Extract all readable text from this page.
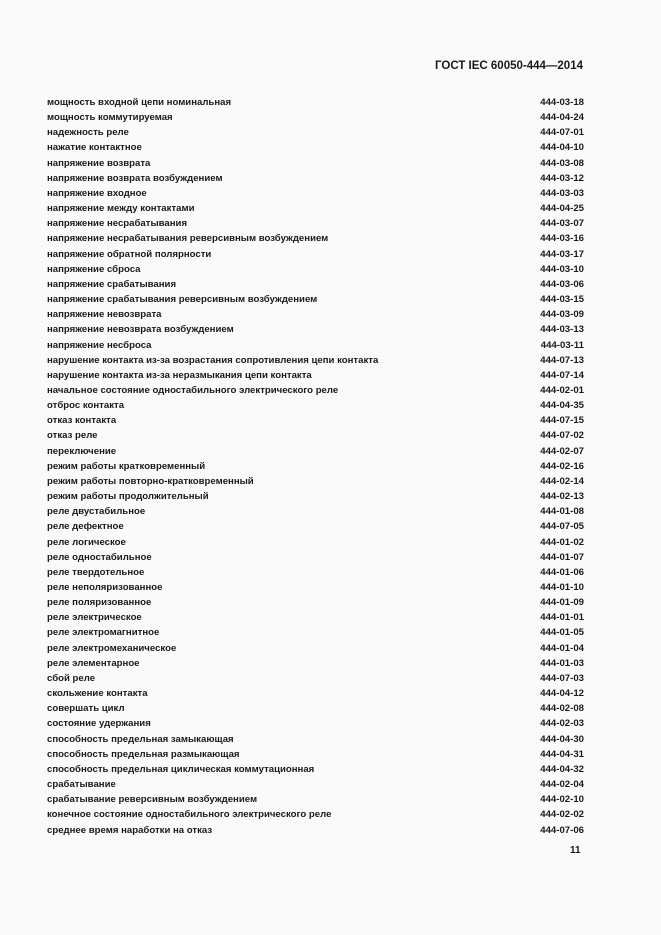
ГОСТ IEC 60050-444—2014
мощность входной цепи номинальная	444-03-18
мощность коммутируемая	444-04-24
надежность реле	444-07-01
нажатие контактное	444-04-10
напряжение возврата	444-03-08
напряжение возврата возбуждением	444-03-12
напряжение входное	444-03-03
напряжение между контактами	444-04-25
напряжение несрабатывания	444-03-07
напряжение несрабатывания реверсивным возбуждением	444-03-16
напряжение обратной полярности	444-03-17
напряжение сброса	444-03-10
напряжение срабатывания	444-03-06
напряжение срабатывания реверсивным возбуждением	444-03-15
напряжение невозврата	444-03-09
напряжение невозврата возбуждением	444-03-13
напряжение несброса	444-03-11
нарушение контакта из-за возрастания сопротивления цепи контакта	444-07-13
нарушение контакта из-за неразмыкания цепи контакта	444-07-14
начальное состояние одностабильного электрического реле	444-02-01
отброс контакта	444-04-35
отказ контакта	444-07-15
отказ реле	444-07-02
переключение	444-02-07
режим работы кратковременный	444-02-16
режим работы повторно-кратковременный	444-02-14
режим работы продолжительный	444-02-13
реле двустабильное	444-01-08
реле дефектное	444-07-05
реле логическое	444-01-02
реле одностабильное	444-01-07
реле твердотельное	444-01-06
реле неполяризованное	444-01-10
реле поляризованное	444-01-09
реле электрическое	444-01-01
реле электромагнитное	444-01-05
реле электромеханическое	444-01-04
реле элементарное	444-01-03
сбой реле	444-07-03
скольжение контакта	444-04-12
совершать цикл	444-02-08
состояние удержания	444-02-03
способность предельная замыкающая	444-04-30
способность предельная размыкающая	444-04-31
способность предельная циклическая коммутационная	444-04-32
срабатывание	444-02-04
срабатывание реверсивным возбуждением	444-02-10
конечное состояние одностабильного электрического реле	444-02-02
среднее время наработки на отказ	444-07-06
11
